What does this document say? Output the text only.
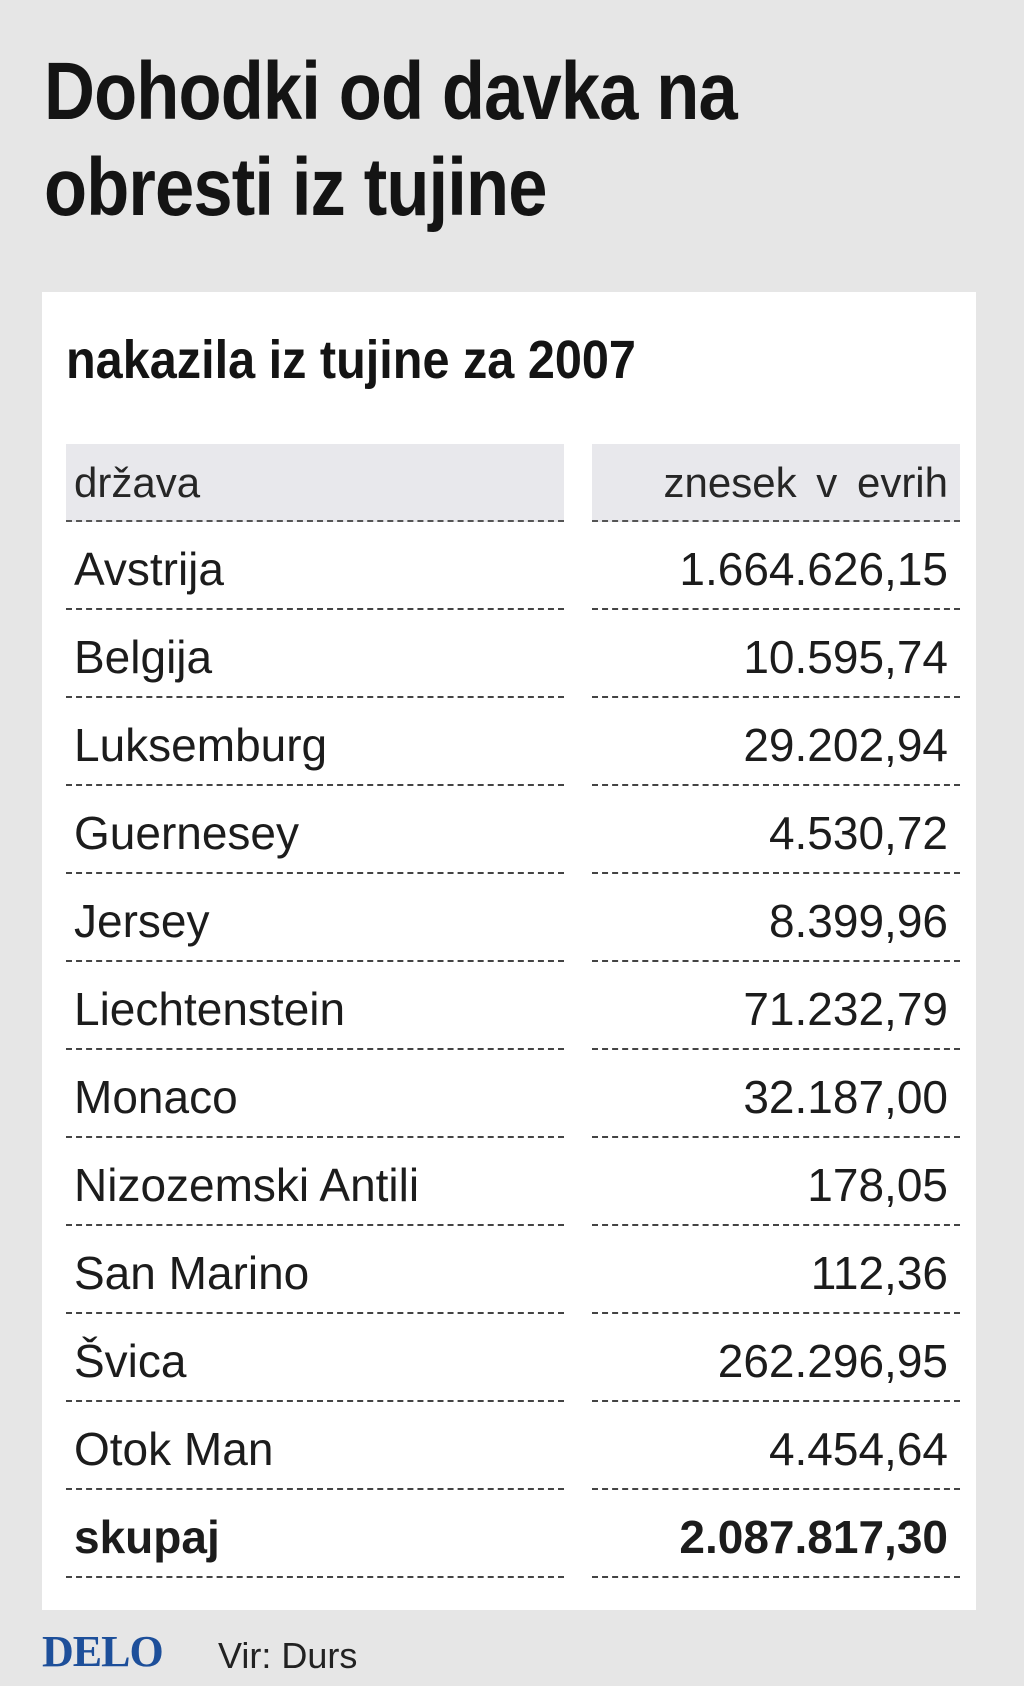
Dohodki od davka na obresti iz tujine
nakazila iz tujine za 2007
država	znesek v evrih
Avstrija	1.664.626,15
Belgija	10.595,74
Luksemburg	29.202,94
Guernesey	4.530,72
Jersey	8.399,96
Liechtenstein	71.232,79
Monaco	32.187,00
Nizozemski Antili	178,05
San Marino	112,36
Švica	262.296,95
Otok Man	4.454,64
skupaj	2.087.817,30
DELO Vir: Durs
